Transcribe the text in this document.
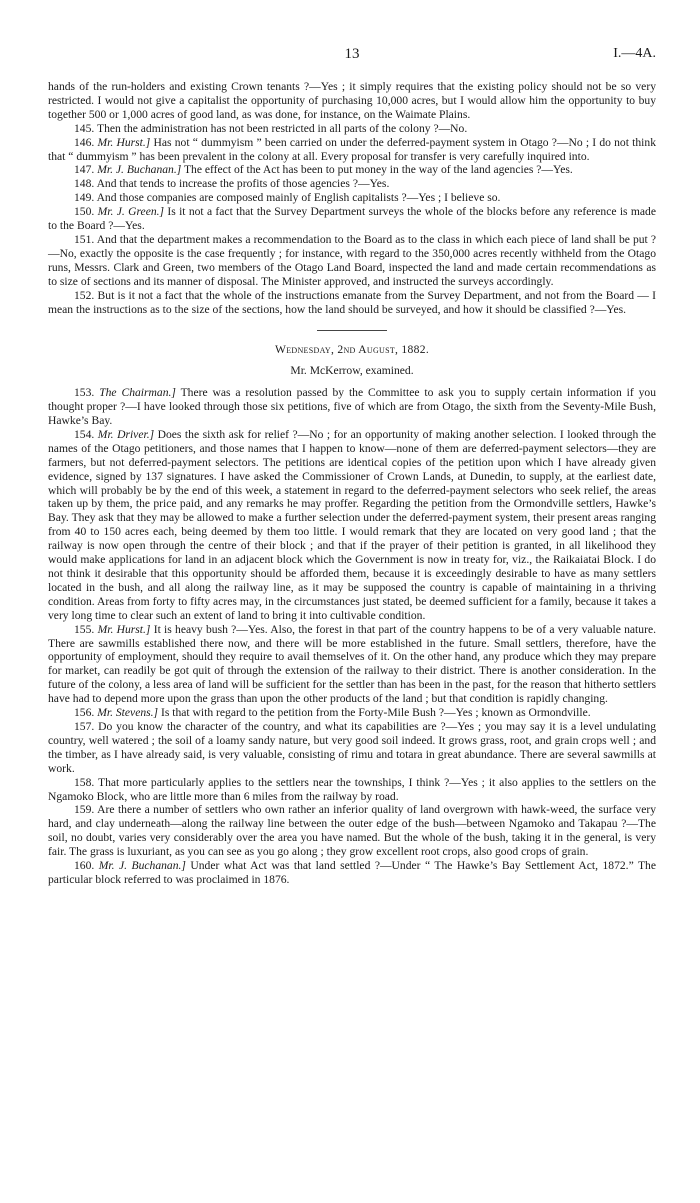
13	I.—4A.

hands of the run-holders and existing Crown tenants ?—Yes ; it simply requires that the existing policy should not be so very restricted. I would not give a capitalist the opportunity of purchasing 10,000 acres, but I would allow him the opportunity to buy together 500 or 1,000 acres of good land, as was done, for instance, on the Waimate Plains.

145. Then the administration has not been restricted in all parts of the colony ?—No.

146. Mr. Hurst.] Has not “ dummyism ” been carried on under the deferred-payment system in Otago ?—No ; I do not think that “ dummyism ” has been prevalent in the colony at all. Every proposal for transfer is very carefully inquired into.

147. Mr. J. Buchanan.] The effect of the Act has been to put money in the way of the land agencies ?—Yes.

148. And that tends to increase the profits of those agencies ?—Yes.

149. And those companies are composed mainly of English capitalists ?—Yes ; I believe so.

150. Mr. J. Green.] Is it not a fact that the Survey Department surveys the whole of the blocks before any reference is made to the Board ?—Yes.

151. And that the department makes a recommendation to the Board as to the class in which each piece of land shall be put ?—No, exactly the opposite is the case frequently ; for instance, with regard to the 350,000 acres recently withheld from the Otago runs, Messrs. Clark and Green, two members of the Otago Land Board, inspected the land and made certain recommendations as to size of sections and its manner of disposal. The Minister approved, and instructed the surveys accordingly.

152. But is it not a fact that the whole of the instructions emanate from the Survey Department, and not from the Board — I mean the instructions as to the size of the sections, how the land should be surveyed, and how it should be classified ?—Yes.

Wednesday, 2nd August, 1882.

Mr. McKerrow, examined.

153. The Chairman.] There was a resolution passed by the Committee to ask you to supply certain information if you thought proper ?—I have looked through those six petitions, five of which are from Otago, the sixth from the Seventy-Mile Bush, Hawke’s Bay.

154. Mr. Driver.] Does the sixth ask for relief ?—No ; for an opportunity of making another selection. I looked through the names of the Otago petitioners, and those names that I happen to know—none of them are deferred-payment selectors—they are farmers, but not deferred-payment selectors. The petitions are identical copies of the petition upon which I have already given evidence, signed by 137 signatures. I have asked the Commissioner of Crown Lands, at Dunedin, to supply, at the earliest date, which will probably be by the end of this week, a statement in regard to the deferred-payment selectors who seek relief, the areas taken up by them, the price paid, and any remarks he may proffer. Regarding the petition from the Ormondville settlers, Hawke’s Bay. They ask that they may be allowed to make a further selection under the deferred-payment system, their present areas ranging from 40 to 150 acres each, being deemed by them too little. I would remark that they are located on very good land ; that the railway is now open through the centre of their block ; and that if the prayer of their petition is granted, in all likelihood they would make applications for land in an adjacent block which the Government is now in treaty for, viz., the Raikaiatai Block. I do not think it desirable that this opportunity should be afforded them, because it is exceedingly desirable to have as many settlers located in the bush, and all along the railway line, as it may be supposed the country is capable of maintaining in a thriving condition. Areas from forty to fifty acres may, in the circumstances just stated, be deemed sufficient for a family, because it takes a very long time to clear such an extent of land to bring it into cultivable condition.

155. Mr. Hurst.] It is heavy bush ?—Yes. Also, the forest in that part of the country happens to be of a very valuable nature. There are sawmills established there now, and there will be more established in the future. Small settlers, therefore, have the opportunity of employment, should they require to avail themselves of it. On the other hand, any produce which they may prepare for market, can readily be got quit of through the extension of the railway to their district. There is another consideration. In the future of the colony, a less area of land will be sufficient for the settler than has been in the past, for the reason that hitherto settlers have had to depend more upon the grass than upon the other products of the land ; but that condition is rapidly changing.

156. Mr. Stevens.] Is that with regard to the petition from the Forty-Mile Bush ?—Yes ; known as Ormondville.

157. Do you know the character of the country, and what its capabilities are ?—Yes ; you may say it is a level undulating country, well watered ; the soil of a loamy sandy nature, but very good soil indeed. It grows grass, root, and grain crops well ; and the timber, as I have already said, is very valuable, consisting of rimu and totara in great abundance. There are several sawmills at work.

158. That more particularly applies to the settlers near the townships, I think ?—Yes ; it also applies to the settlers on the Ngamoko Block, who are little more than 6 miles from the railway by road.

159. Are there a number of settlers who own rather an inferior quality of land overgrown with hawk-weed, the surface very hard, and clay underneath—along the railway line between the outer edge of the bush—between Ngamoko and Takapau ?—The soil, no doubt, varies very considerably over the area you have named. But the whole of the bush, taking it in the general, is very fair. The grass is luxuriant, as you can see as you go along ; they grow excellent root crops, also good crops of grain.

160. Mr. J. Buchanan.] Under what Act was that land settled ?—Under “ The Hawke’s Bay Settlement Act, 1872.” The particular block referred to was proclaimed in 1876.
